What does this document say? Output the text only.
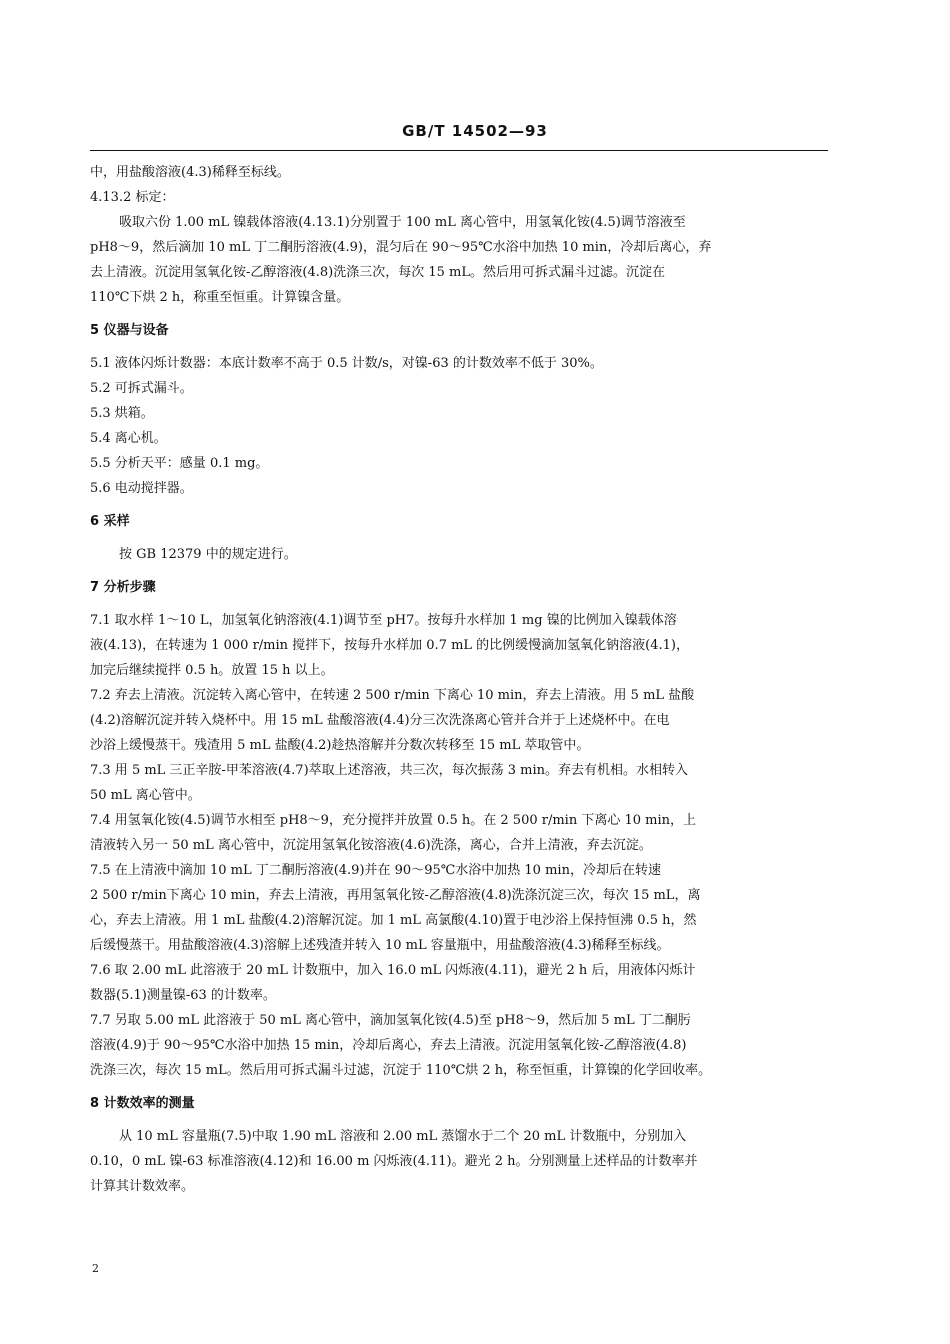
GB/T 14502—93
中，用盐酸溶液(4.3)稀释至标线。
4.13.2 标定：
吸取六份 1.00 mL 镍载体溶液(4.13.1)分别置于 100 mL 离心管中，用氢氧化铵(4.5)调节溶液至
pH8～9，然后滴加 10 mL 丁二酮肟溶液(4.9)，混匀后在 90～95℃水浴中加热 10 min，冷却后离心，弃
去上清液。沉淀用氢氧化铵-乙醇溶液(4.8)洗涤三次，每次 15 mL。然后用可拆式漏斗过滤。沉淀在
110℃下烘 2 h，称重至恒重。计算镍含量。
5 仪器与设备
5.1 液体闪烁计数器：本底计数率不高于 0.5 计数/s，对镍-63 的计数效率不低于 30%。
5.2 可拆式漏斗。
5.3 烘箱。
5.4 离心机。
5.5 分析天平：感量 0.1 mg。
5.6 电动搅拌器。
6 采样
按 GB 12379 中的规定进行。
7 分析步骤
7.1 取水样 1～10 L，加氢氧化钠溶液(4.1)调节至 pH7。按每升水样加 1 mg 镍的比例加入镍载体溶
液(4.13)，在转速为 1 000 r/min 搅拌下，按每升水样加 0.7 mL 的比例缓慢滴加氢氧化钠溶液(4.1)，
加完后继续搅拌 0.5 h。放置 15 h 以上。
7.2 弃去上清液。沉淀转入离心管中，在转速 2 500 r/min 下离心 10 min，弃去上清液。用 5 mL 盐酸
(4.2)溶解沉淀并转入烧杯中。用 15 mL 盐酸溶液(4.4)分三次洗涤离心管并合并于上述烧杯中。在电
沙浴上缓慢蒸干。残渣用 5 mL 盐酸(4.2)趁热溶解并分数次转移至 15 mL 萃取管中。
7.3 用 5 mL 三正辛胺-甲苯溶液(4.7)萃取上述溶液，共三次，每次振荡 3 min。弃去有机相。水相转入
50 mL 离心管中。
7.4 用氢氧化铵(4.5)调节水相至 pH8～9，充分搅拌并放置 0.5 h。在 2 500 r/min 下离心 10 min，上
清液转入另一 50 mL 离心管中，沉淀用氢氧化铵溶液(4.6)洗涤，离心，合并上清液，弃去沉淀。
7.5 在上清液中滴加 10 mL 丁二酮肟溶液(4.9)并在 90～95℃水浴中加热 10 min，冷却后在转速
2 500 r/min下离心 10 min，弃去上清液，再用氢氧化铵-乙醇溶液(4.8)洗涤沉淀三次，每次 15 mL，离
心，弃去上清液。用 1 mL 盐酸(4.2)溶解沉淀。加 1 mL 高氯酸(4.10)置于电沙浴上保持恒沸 0.5 h，然
后缓慢蒸干。用盐酸溶液(4.3)溶解上述残渣并转入 10 mL 容量瓶中，用盐酸溶液(4.3)稀释至标线。
7.6 取 2.00 mL 此溶液于 20 mL 计数瓶中，加入 16.0 mL 闪烁液(4.11)，避光 2 h 后，用液体闪烁计
数器(5.1)测量镍-63 的计数率。
7.7 另取 5.00 mL 此溶液于 50 mL 离心管中，滴加氢氧化铵(4.5)至 pH8～9，然后加 5 mL 丁二酮肟
溶液(4.9)于 90～95℃水浴中加热 15 min，冷却后离心，弃去上清液。沉淀用氢氧化铵-乙醇溶液(4.8)
洗涤三次，每次 15 mL。然后用可拆式漏斗过滤，沉淀于 110℃烘 2 h，称至恒重，计算镍的化学回收率。
8 计数效率的测量
从 10 mL 容量瓶(7.5)中取 1.90 mL 溶液和 2.00 mL 蒸馏水于二个 20 mL 计数瓶中，分别加入
0.10，0 mL 镍-63 标准溶液(4.12)和 16.00 m 闪烁液(4.11)。避光 2 h。分别测量上述样品的计数率并
计算其计数效率。
2
